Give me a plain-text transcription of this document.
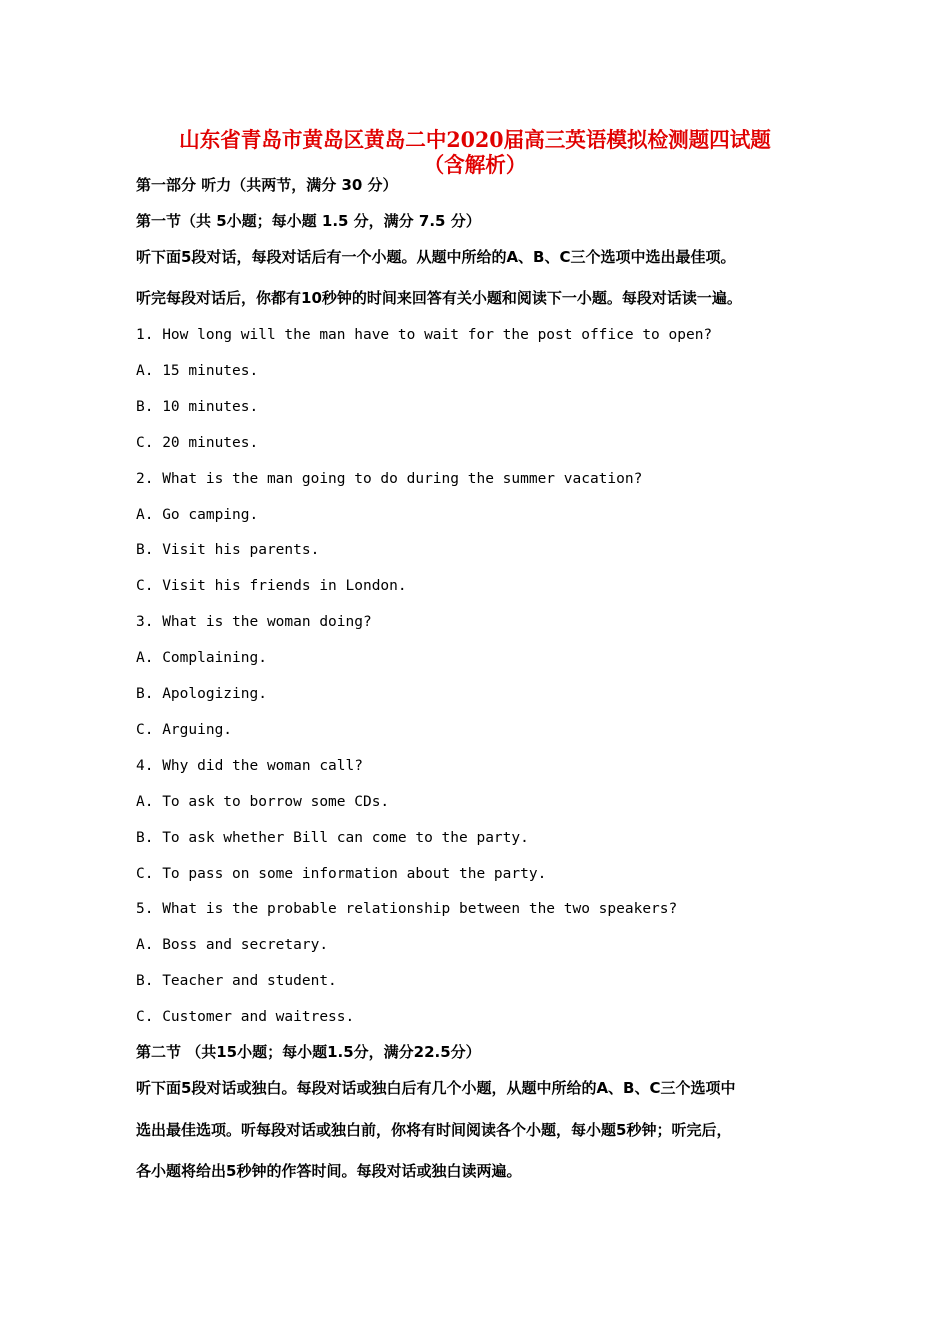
山东省青岛市黄岛区黄岛二中2020届高三英语模拟检测题四试题
（含解析）
第一部分 听力（共两节，满分 30 分）
第一节（共 5小题；每小题 1.5 分，满分 7.5 分）
听下面5段对话，每段对话后有一个小题。从题中所给的A、B、C三个选项中选出最佳项。
听完每段对话后，你都有10秒钟的时间来回答有关小题和阅读下一小题。每段对话读一遍。
1. How long will the man have to wait for the post office to open?
A. 15 minutes.
B. 10 minutes.
C. 20 minutes.
2. What is the man going to do during the summer vacation?
A. Go camping.
B. Visit his parents.
C. Visit his friends in London.
3. What is the woman doing?
A. Complaining.
B. Apologizing.
C. Arguing.
4. Why did the woman call?
A. To ask to borrow some CDs.
B. To ask whether Bill can come to the party.
C. To pass on some information about the party.
5. What is the probable relationship between the two speakers?
A. Boss and secretary.
B. Teacher and student.
C. Customer and waitress.
第二节 （共15小题；每小题1.5分，满分22.5分）
听下面5段对话或独白。每段对话或独白后有几个小题，从题中所给的A、B、C三个选项中
选出最佳选项。听每段对话或独白前，你将有时间阅读各个小题，每小题5秒钟；听完后，
各小题将给出5秒钟的作答时间。每段对话或独白读两遍。
